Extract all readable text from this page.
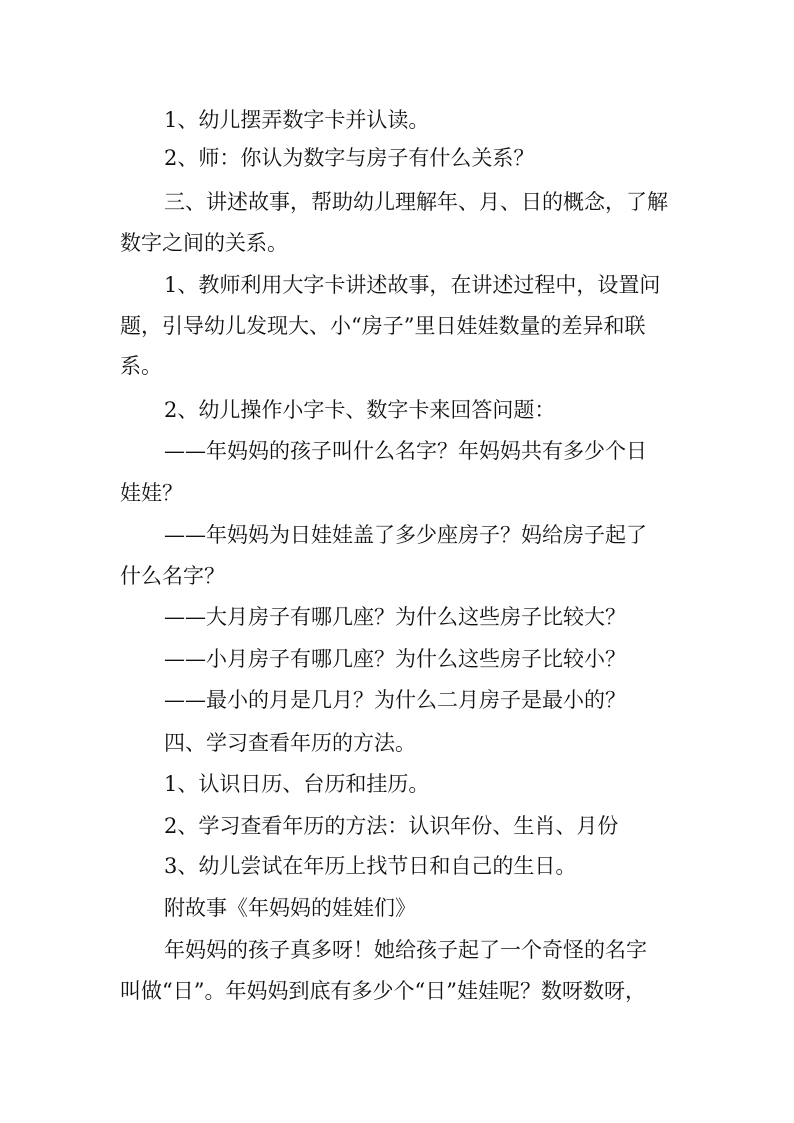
1、幼儿摆弄数字卡并认读。
2、师：你认为数字与房子有什么关系？
三、讲述故事，帮助幼儿理解年、月、日的概念，了解
数字之间的关系。
1、教师利用大字卡讲述故事，在讲述过程中，设置问
题，引导幼儿发现大、小“房子”里日娃娃数量的差异和联
系。
2、幼儿操作小字卡、数字卡来回答问题：
——年妈妈的孩子叫什么名字？年妈妈共有多少个日
娃娃？
——年妈妈为日娃娃盖了多少座房子？妈给房子起了
什么名字？
——大月房子有哪几座？为什么这些房子比较大？
——小月房子有哪几座？为什么这些房子比较小？
——最小的月是几月？为什么二月房子是最小的？
四、学习查看年历的方法。
1、认识日历、台历和挂历。
2、学习查看年历的方法：认识年份、生肖、月份
3、幼儿尝试在年历上找节日和自己的生日。
附故事《年妈妈的娃娃们》
年妈妈的孩子真多呀！她给孩子起了一个奇怪的名字
叫做“日”。年妈妈到底有多少个“日”娃娃呢？数呀数呀，
